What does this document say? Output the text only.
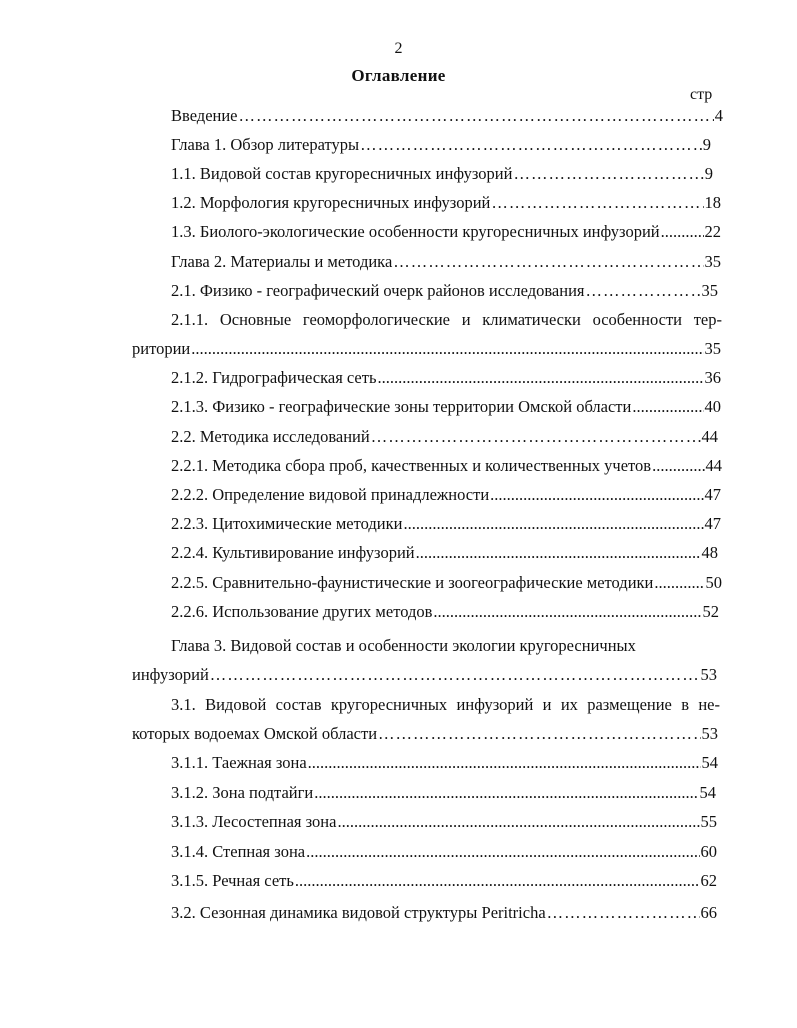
2
Оглавление
стр
Введение ……………………………………………………………………………………………………………………………………………………………………………………………	4
Глава 1. Обзор литературы ……………………………………………………………………………………………………………………………………………………………………………………………	9
1.1. Видовой состав кругоресничных инфузорий ……………………………………………………………………………………………………………………………………………………………………………………………	9
1.2. Морфология кругоресничных инфузорий ……………………………………………………………………………………………………………………………………………………………………………………………	18
1.3. Биолого-экологические особенности кругоресничных инфузорий .....	22
Глава 2. Материалы и методика ……………………………………………………………………………………………………………………………………………………………………………………………	35
2.1. Физико - географический очерк районов исследования ……………………………………………………………………………………………………………………………………………………………………………………………	35
2.1.1. Основные геоморфологические и климатически особенности тер-
ритории .....	35
2.1.2. Гидрографическая сеть .....	36
2.1.3. Физико - географические зоны территории Омской области .....	40
2.2. Методика исследований ……………………………………………………………………………………………………………………………………………………………………………………………	44
2.2.1. Методика сбора проб, качественных и количественных учетов .....	44
2.2.2. Определение видовой принадлежности .....	47
2.2.3. Цитохимические методики .....	47
2.2.4. Культивирование инфузорий .....	48
2.2.5. Сравнительно-фаунистические и зоогеографические методики .....	50
2.2.6. Использование других методов .....	52
Глава 3. Видовой состав и особенности экологии кругоресничных
инфузорий ……………………………………………………………………………………………………………………………………………………………………………………………	53
3.1. Видовой состав кругоресничных инфузорий и их размещение в не-
которых водоемах Омской области ……………………………………………………………………………………………………………………………………………………………………………………………	53
3.1.1. Таежная зона .....	54
3.1.2. Зона подтайги .....	54
3.1.3. Лесостепная зона .....	55
3.1.4. Степная зона .....	60
3.1.5. Речная сеть .....	62
3.2. Сезонная динамика видовой структуры Peritricha ……………………………………………………………………………………………………………………………………………………………………………………………	66
